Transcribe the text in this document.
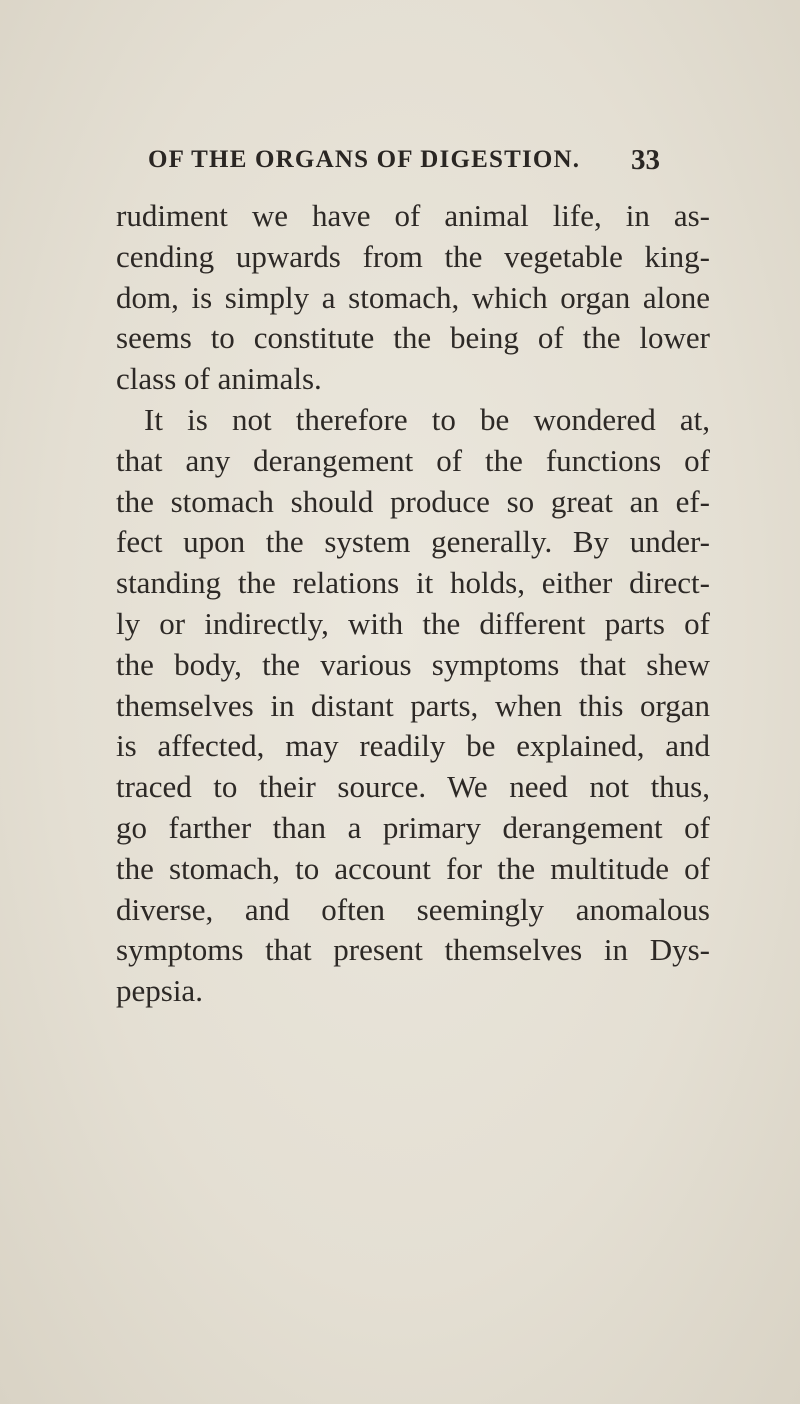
OF THE ORGANS OF DIGESTION. 33
rudiment we have of animal life, in as-
cending upwards from the vegetable king-
dom, is simply a stomach, which organ alone
seems to constitute the being of the lower
class of animals.
It is not therefore to be wondered at,
that any derangement of the functions of
the stomach should produce so great an ef-
fect upon the system generally. By under-
standing the relations it holds, either direct-
ly or indirectly, with the different parts of
the body, the various symptoms that shew
themselves in distant parts, when this organ
is affected, may readily be explained, and
traced to their source. We need not thus,
go farther than a primary derangement of
the stomach, to account for the multitude of
diverse, and often seemingly anomalous
symptoms that present themselves in Dys-
pepsia.
